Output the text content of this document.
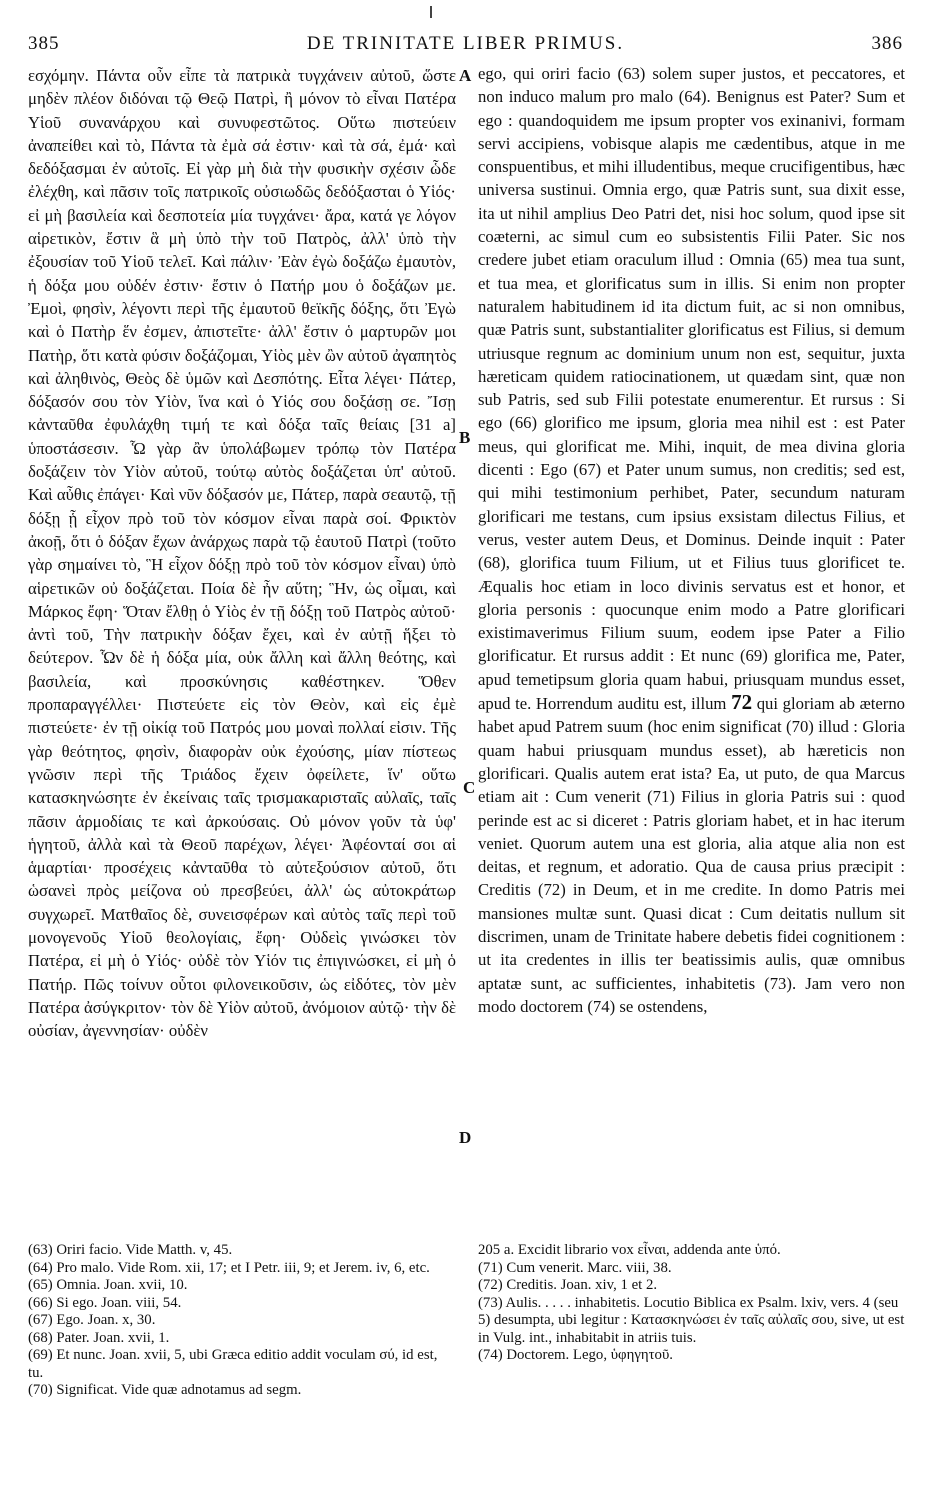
385	DE TRINITATE LIBER PRIMUS.	386

εσχόμην. Πάντα οὖν εἶπε τὰ πατρικὰ τυγχάνειν αὐτοῦ, ὥστε μηδὲν πλέον διδόναι τῷ Θεῷ Πατρὶ, ἢ μόνον τὸ εἶναι Πατέρα Υἱοῦ συνανάρχου καὶ συνυφεστῶτος. Οὕτω πιστεύειν ἀναπείθει καὶ τὸ, Πάντα τὰ ἐμὰ σά ἐστιν· καὶ τὰ σά, ἐμά· καὶ δεδόξασμαι ἐν αὐτοῖς. Εἰ γὰρ μὴ διὰ τὴν φυσικὴν σχέσιν ὧδε ἐλέχθη, καὶ πᾶσιν τοῖς πατρικοῖς οὐσιωδῶς δεδόξασται ὁ Υἱός· εἰ μὴ βασιλεία καὶ δεσποτεία μία τυγχάνει· ἄρα, κατά γε λόγον αἱρετικὸν, ἔστιν ἃ μὴ ὑπὸ τὴν τοῦ Πατρὸς, ἀλλ' ὑπὸ τὴν ἐξουσίαν τοῦ Υἱοῦ τελεῖ. Καὶ πάλιν· Ἐὰν ἐγὼ δοξάζω ἐμαυτὸν, ἡ δόξα μου οὐδέν ἐστιν· ἔστιν ὁ Πατήρ μου ὁ δοξάζων με. Ἐμοὶ, φησὶν, λέγοντι περὶ τῆς ἐμαυτοῦ θεϊκῆς δόξης, ὅτι Ἐγὼ καὶ ὁ Πατὴρ ἕν ἐσμεν, ἀπιστεῖτε· ἀλλ' ἔστιν ὁ μαρτυρῶν μοι Πατὴρ, ὅτι κατὰ φύσιν δοξάζομαι, Υἱὸς μὲν ὢν αὐτοῦ ἀγαπητὸς καὶ ἀληθινὸς, Θεὸς δὲ ὑμῶν καὶ Δεσπότης. Εἶτα λέγει· Πάτερ, δόξασόν σου τὸν Υἱὸν, ἵνα καὶ ὁ Υἱός σου δοξάσῃ σε. Ἴσῃ κἀνταῦθα ἐφυλάχθη τιμή τε καὶ δόξα ταῖς θείαις [31 a] ὑποστάσεσιν. Ὧ γὰρ ἂν ὑπολάβωμεν τρόπῳ τὸν Πατέρα δοξάζειν τὸν Υἱὸν αὐτοῦ, τούτῳ αὐτὸς δοξάζεται ὑπ' αὐτοῦ. Καὶ αὖθις ἐπάγει· Καὶ νῦν δόξασόν με, Πάτερ, παρὰ σεαυτῷ, τῇ δόξῃ ᾗ εἶχον πρὸ τοῦ τὸν κόσμον εἶναι παρὰ σοί. Φρικτὸν ἀκοῇ, ὅτι ὁ δόξαν ἔχων ἀνάρχως παρὰ τῷ ἑαυτοῦ Πατρὶ (τοῦτο γὰρ σημαίνει τὸ, Ἣ εἶχον δόξῃ πρὸ τοῦ τὸν κόσμον εἶναι) ὑπὸ αἱρετικῶν οὐ δοξάζεται. Ποία δὲ ἦν αὕτη; Ἣν, ὡς οἶμαι, καὶ Μάρκος ἔφη· Ὅταν ἔλθῃ ὁ Υἱὸς ἐν τῇ δόξῃ τοῦ Πατρὸς αὐτοῦ· ἀντὶ τοῦ, Τὴν πατρικὴν δόξαν ἔχει, καὶ ἐν αὐτῇ ἥξει τὸ δεύτερον. Ὧν δὲ ἡ δόξα μία, οὐκ ἄλλη καὶ ἄλλη θεότης, καὶ βασιλεία, καὶ προσκύνησις καθέστηκεν. Ὅθεν προπαραγγέλλει· Πιστεύετε εἰς τὸν Θεὸν, καὶ εἰς ἐμὲ πιστεύετε· ἐν τῇ οἰκίᾳ τοῦ Πατρός μου μοναὶ πολλαί εἰσιν. Τῆς γὰρ θεότητος, φησὶν, διαφορὰν οὐκ ἐχούσης, μίαν πίστεως γνῶσιν περὶ τῆς Τριάδος ἔχειν ὀφείλετε, ἵν' οὕτω κατασκηνώσητε ἐν ἐκείναις ταῖς τρισμακαρισταῖς αὐλαῖς, ταῖς πᾶσιν ἁρμοδίαις τε καὶ ἀρκούσαις. Οὐ μόνον γοῦν τὰ ὑφ' ἡγητοῦ, ἀλλὰ καὶ τὰ Θεοῦ παρέχων, λέγει· Ἀφέονταί σοι αἱ ἁμαρτίαι· προσέχεις κἀνταῦθα τὸ αὐτεξούσιον αὐτοῦ, ὅτι ὡσανεὶ πρὸς μείζονα οὐ πρεσβεύει, ἀλλ' ὡς αὐτοκράτωρ συγχωρεῖ. Ματθαῖος δὲ, συνεισφέρων καὶ αὐτὸς ταῖς περὶ τοῦ μονογενοῦς Υἱοῦ θεολογίαις, ἔφη· Οὐδεὶς γινώσκει τὸν Πατέρα, εἰ μὴ ὁ Υἱός· οὐδὲ τὸν Υἱόν τις ἐπιγινώσκει, εἰ μὴ ὁ Πατήρ. Πῶς τοίνυν οὗτοι φιλονεικοῦσιν, ὡς εἰδότες, τὸν μὲν Πατέρα ἀσύγκριτον· τὸν δὲ Υἱὸν αὐτοῦ, ἀνόμοιον αὐτῷ· τὴν δὲ οὐσίαν, ἀγεννησίαν· οὐδὲν

A
B
C
D

ego, qui oriri facio (63) solem super justos, et peccatores, et non induco malum pro malo (64). Benignus est Pater? Sum et ego : quandoquidem me ipsum propter vos exinanivi, formam servi accipiens, vobisque alapis me cædentibus, atque in me conspuentibus, et mihi illudentibus, meque crucifigentibus, hæc universa sustinui. Omnia ergo, quæ Patris sunt, sua dixit esse, ita ut nihil amplius Deo Patri det, nisi hoc solum, quod ipse sit coæterni, ac simul cum eo subsistentis Filii Pater. Sic nos credere jubet etiam oraculum illud : Omnia (65) mea tua sunt, et tua mea, et glorificatus sum in illis. Si enim non propter naturalem habitudinem id ita dictum fuit, ac si non omnibus, quæ Patris sunt, substantialiter glorificatus est Filius, si demum utriusque regnum ac dominium unum non est, sequitur, juxta hæreticam quidem ratiocinationem, ut quædam sint, quæ non sub Patris, sed sub Filii potestate enumerentur. Et rursus : Si ego (66) glorifico me ipsum, gloria mea nihil est : est Pater meus, qui glorificat me. Mihi, inquit, de mea divina gloria dicenti : Ego (67) et Pater unum sumus, non creditis; sed est, qui mihi testimonium perhibet, Pater, secundum naturam glorificari me testans, cum ipsius exsistam dilectus Filius, et verus, vester autem Deus, et Dominus. Deinde inquit : Pater (68), glorifica tuum Filium, ut et Filius tuus glorificet te. Æqualis hoc etiam in loco divinis servatus est et honor, et gloria personis : quocunque enim modo a Patre glorificari existimaverimus Filium suum, eodem ipse Pater a Filio glorificatur. Et rursus addit : Et nunc (69) glorifica me, Pater, apud temetipsum gloria quam habui, priusquam mundus esset, apud te. Horrendum auditu est, illum 72 qui gloriam ab æterno habet apud Patrem suum (hoc enim significat (70) illud : Gloria quam habui priusquam mundus esset), ab hæreticis non glorificari. Qualis autem erat ista? Ea, ut puto, de qua Marcus etiam ait : Cum venerit (71) Filius in gloria Patris sui : quod perinde est ac si diceret : Patris gloriam habet, et in hac iterum veniet. Quorum autem una est gloria, alia atque alia non est deitas, et regnum, et adoratio. Qua de causa prius præcipit : Creditis (72) in Deum, et in me credite. In domo Patris mei mansiones multæ sunt. Quasi dicat : Cum deitatis nullum sit discrimen, unam de Trinitate habere debetis fidei cognitionem : ut ita credentes in illis ter beatissimis aulis, quæ omnibus aptatæ sunt, ac sufficientes, inhabitetis (73). Jam vero non modo doctorem (74) se ostendens,

(63) Oriri facio. Vide Matth. v, 45.
(64) Pro malo. Vide Rom. xii, 17; et I Petr. iii, 9; et Jerem. iv, 6, etc.
(65) Omnia. Joan. xvii, 10.
(66) Si ego. Joan. viii, 54.
(67) Ego. Joan. x, 30.
(68) Pater. Joan. xvii, 1.
(69) Et nunc. Joan. xvii, 5, ubi Græca editio addit voculam σύ, id est, tu.
(70) Significat. Vide quæ adnotamus ad segm.
205 a. Excidit librario vox εἶναι, addenda ante ὑπό.
(71) Cum venerit. Marc. viii, 38.
(72) Creditis. Joan. xiv, 1 et 2.
(73) Aulis. . . . . inhabitetis. Locutio Biblica ex Psalm. lxiv, vers. 4 (seu 5) desumpta, ubi legitur : Κατασκηνώσει ἐν ταῖς αὐλαῖς σου, sive, ut est in Vulg. int., inhabitabit in atriis tuis.
(74) Doctorem. Lego, ὑφηγητοῦ.
